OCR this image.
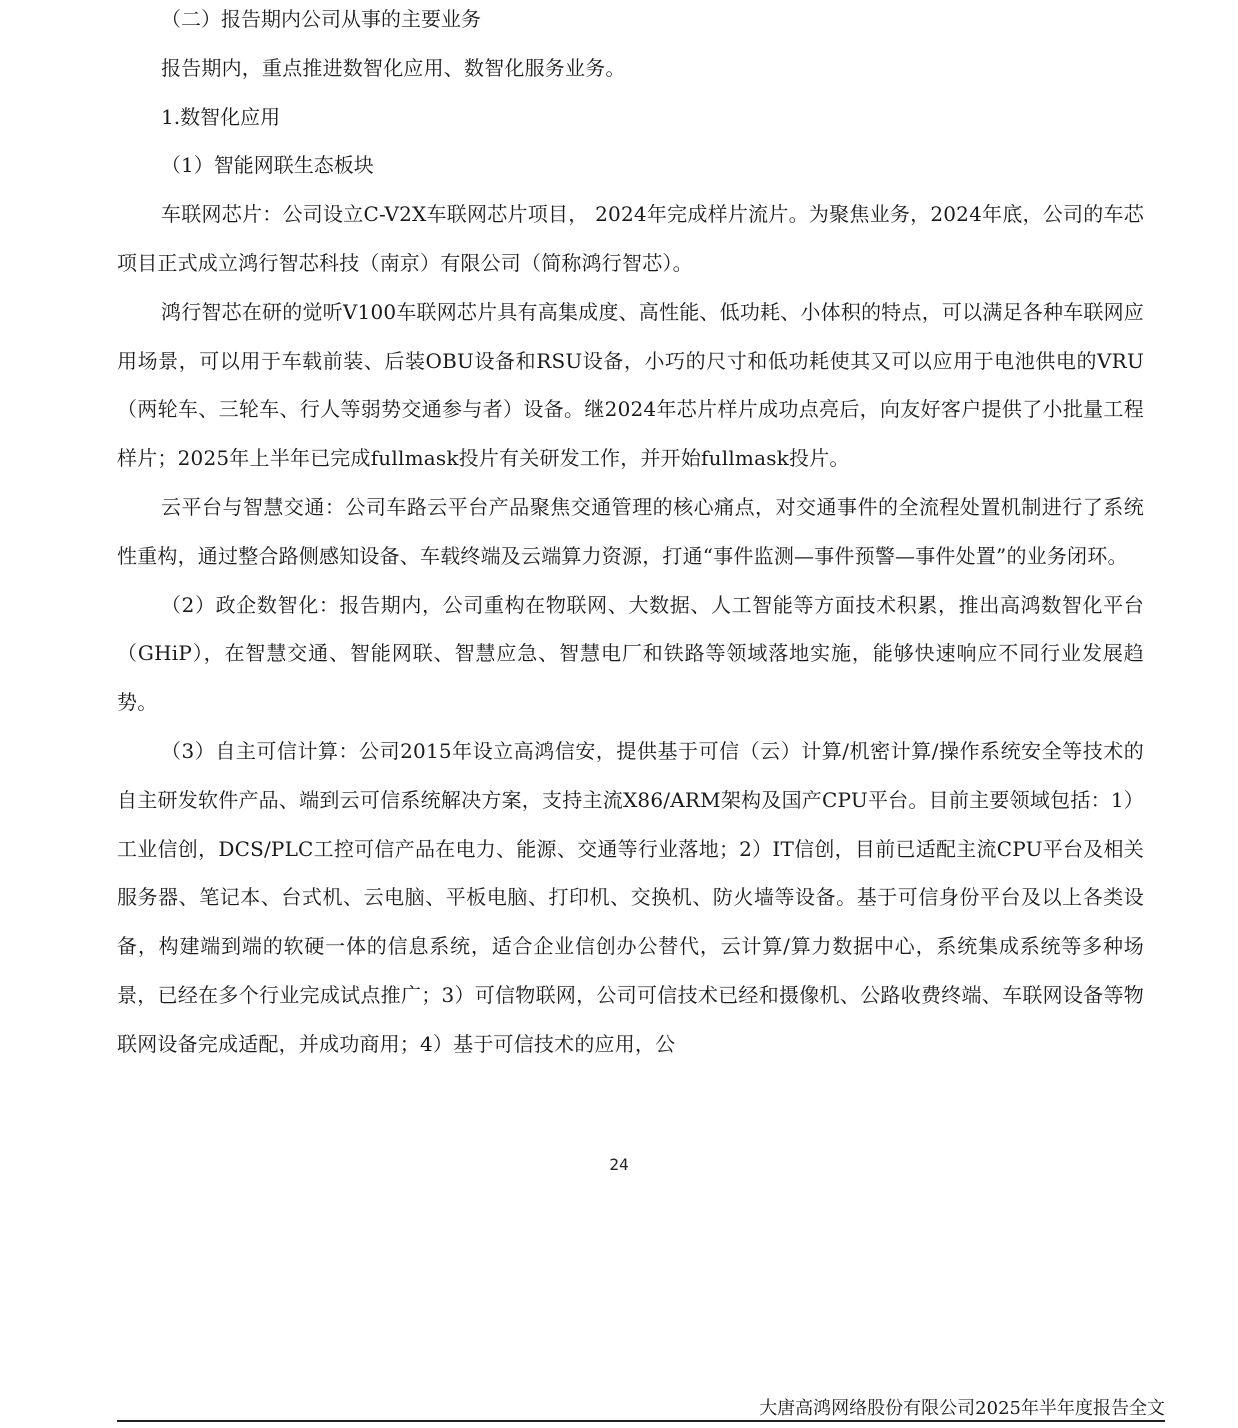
（二）报告期内公司从事的主要业务

报告期内，重点推进数智化应用、数智化服务业务。

1.数智化应用

（1）智能网联生态板块

车联网芯片：公司设立C-V2X车联网芯片项目， 2024年完成样片流片。为聚焦业务，2024年底，公司的车芯项目正式成立鸿行智芯科技（南京）有限公司（简称鸿行智芯）。

鸿行智芯在研的觉听V100车联网芯片具有高集成度、高性能、低功耗、小体积的特点，可以满足各种车联网应用场景，可以用于车载前装、后装OBU设备和RSU设备，小巧的尺寸和低功耗使其又可以应用于电池供电的VRU（两轮车、三轮车、行人等弱势交通参与者）设备。继2024年芯片样片成功点亮后，向友好客户提供了小批量工程样片；2025年上半年已完成fullmask投片有关研发工作，并开始fullmask投片。

云平台与智慧交通：公司车路云平台产品聚焦交通管理的核心痛点，对交通事件的全流程处置机制进行了系统性重构，通过整合路侧感知设备、车载终端及云端算力资源，打通“事件监测—事件预警—事件处置”的业务闭环。

（2）政企数智化：报告期内，公司重构在物联网、大数据、人工智能等方面技术积累，推出高鸿数智化平台（GHiP），在智慧交通、智能网联、智慧应急、智慧电厂和铁路等领域落地实施，能够快速响应不同行业发展趋势。

（3）自主可信计算：公司2015年设立高鸿信安，提供基于可信（云）计算/机密计算/操作系统安全等技术的自主研发软件产品、端到云可信系统解决方案，支持主流X86/ARM架构及国产CPU平台。目前主要领域包括：1）工业信创，DCS/PLC工控可信产品在电力、能源、交通等行业落地；2）IT信创，目前已适配主流CPU平台及相关服务器、笔记本、台式机、云电脑、平板电脑、打印机、交换机、防火墙等设备。基于可信身份平台及以上各类设备，构建端到端的软硬一体的信息系统，适合企业信创办公替代，云计算/算力数据中心，系统集成系统等多种场景，已经在多个行业完成试点推广；3）可信物联网，公司可信技术已经和摄像机、公路收费终端、车联网设备等物联网设备完成适配，并成功商用；4）基于可信技术的应用，公

24
大唐高鸿网络股份有限公司2025年半年度报告全文
